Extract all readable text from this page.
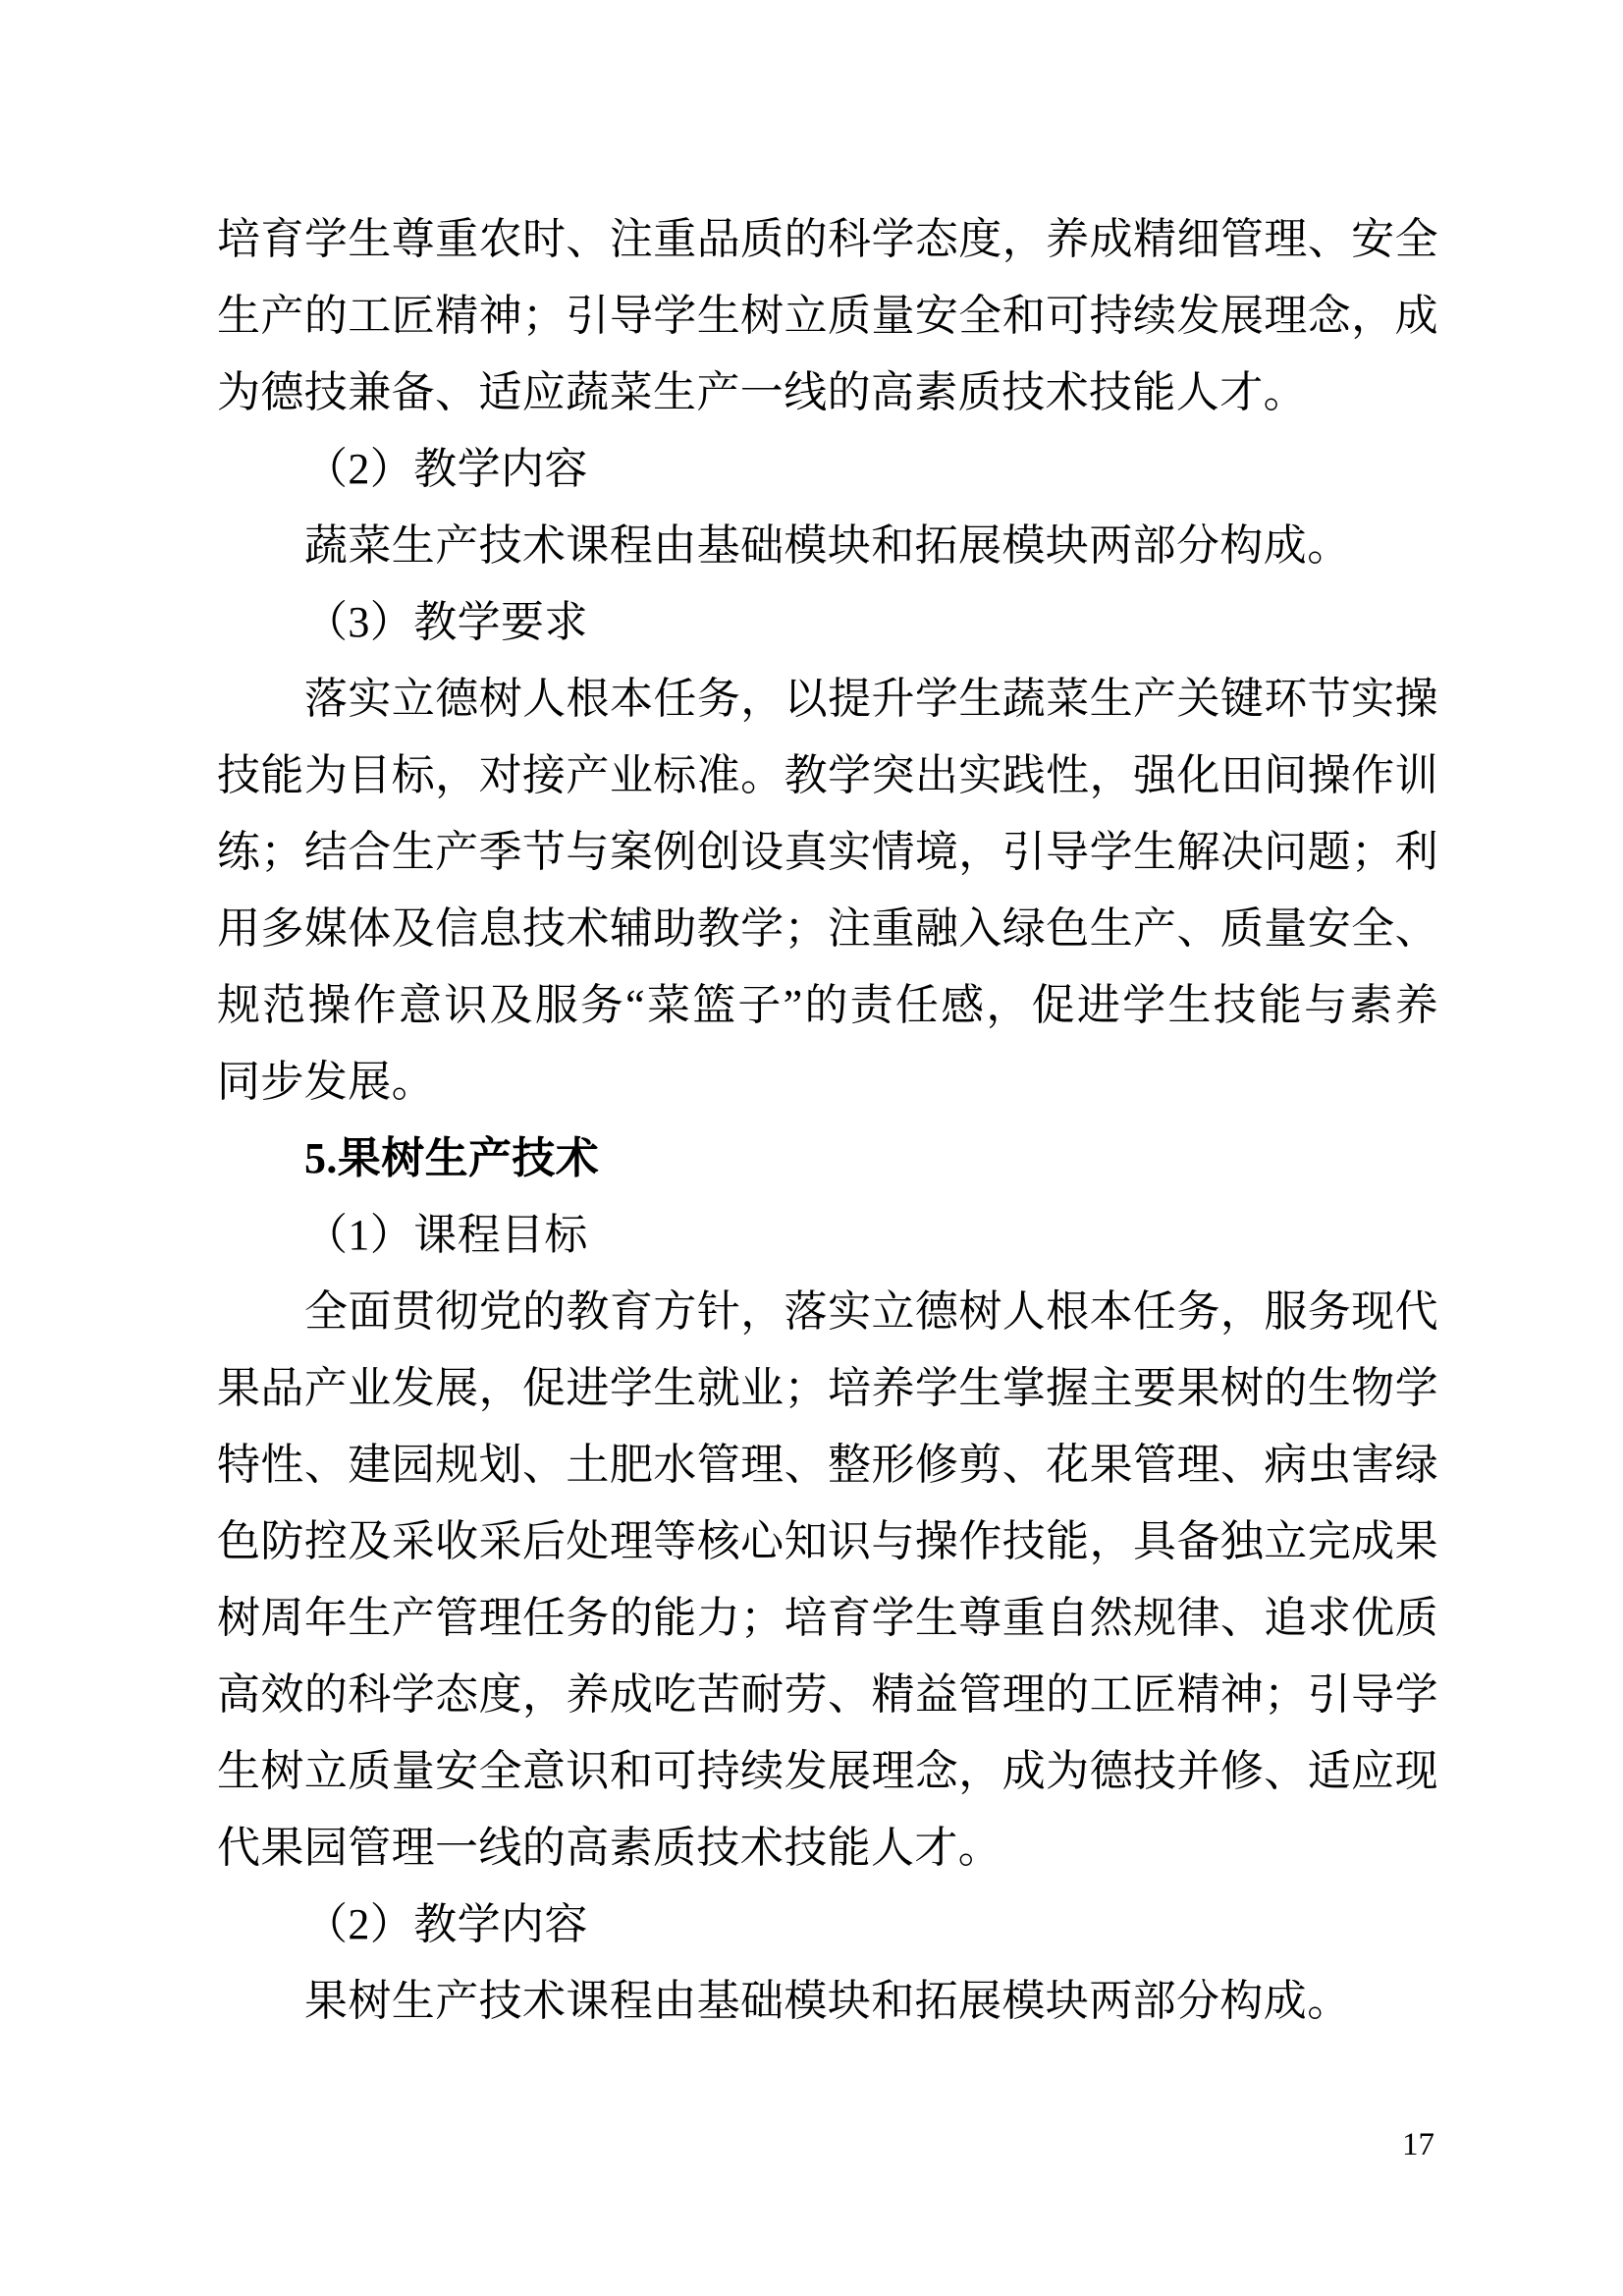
培育学生尊重农时、注重品质的科学态度，养成精细管理、安全
生产的工匠精神；引导学生树立质量安全和可持续发展理念，成
为德技兼备、适应蔬菜生产一线的高素质技术技能人才。
（2）教学内容
蔬菜生产技术课程由基础模块和拓展模块两部分构成。
（3）教学要求
落实立德树人根本任务，以提升学生蔬菜生产关键环节实操
技能为目标，对接产业标准。教学突出实践性，强化田间操作训
练；结合生产季节与案例创设真实情境，引导学生解决问题；利
用多媒体及信息技术辅助教学；注重融入绿色生产、质量安全、
规范操作意识及服务“菜篮子”的责任感，促进学生技能与素养
同步发展。
5.果树生产技术
（1）课程目标
全面贯彻党的教育方针，落实立德树人根本任务，服务现代
果品产业发展，促进学生就业；培养学生掌握主要果树的生物学
特性、建园规划、土肥水管理、整形修剪、花果管理、病虫害绿
色防控及采收采后处理等核心知识与操作技能，具备独立完成果
树周年生产管理任务的能力；培育学生尊重自然规律、追求优质
高效的科学态度，养成吃苦耐劳、精益管理的工匠精神；引导学
生树立质量安全意识和可持续发展理念，成为德技并修、适应现
代果园管理一线的高素质技术技能人才。
（2）教学内容
果树生产技术课程由基础模块和拓展模块两部分构成。
17
